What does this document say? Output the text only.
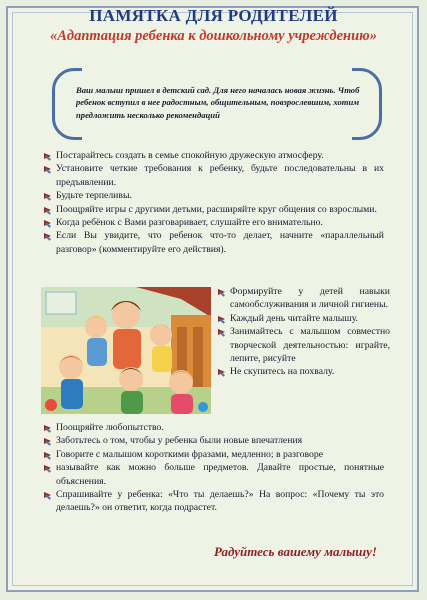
ПАМЯТКА ДЛЯ РОДИТЕЛЕЙ
«Адаптация ребенка к дошкольному учреждению»
Ваш малыш пришел в детский сад. Для него началась новая жизнь. Чтоб ребенок вступил в нее радостным, общительным, повзрослевшим, хотим предложить несколько рекомендаций
Постарайтесь создать в семье спокойную дружескую атмосферу.
Установите четкие требования к ребенку, будьте последовательны в их предъявлении.
Будьте терпеливы.
Поощряйте игры с другими детьми, расширяйте круг общения со взрослыми.
Когда ребёнок с Вами разговаривает, слушайте его внимательно.
Если Вы увидите, что ребенок что-то делает, начните «параллельный разговор» (комментируйте его действия).
Формируйте у детей навыки самообслуживания и личной гигиены.
Каждый день читайте малышу.
Занимайтесь с малышом совместно творческой деятельностью: играйте, лепите, рисуйте
Не скупитесь на похвалу.
Поощряйте любопытство.
Заботьтесь о том, чтобы у ребенка были новые впечатления
Говорите с малышом короткими фразами, медленно; в разговоре
называйте как можно больше предметов. Давайте простые, понятные объяснения.
Спрашивайте у ребенка: «Что ты делаешь?» На вопрос: «Почему ты это делаешь?» он ответит, когда подрастет.
Радуйтесь вашему малышу!
